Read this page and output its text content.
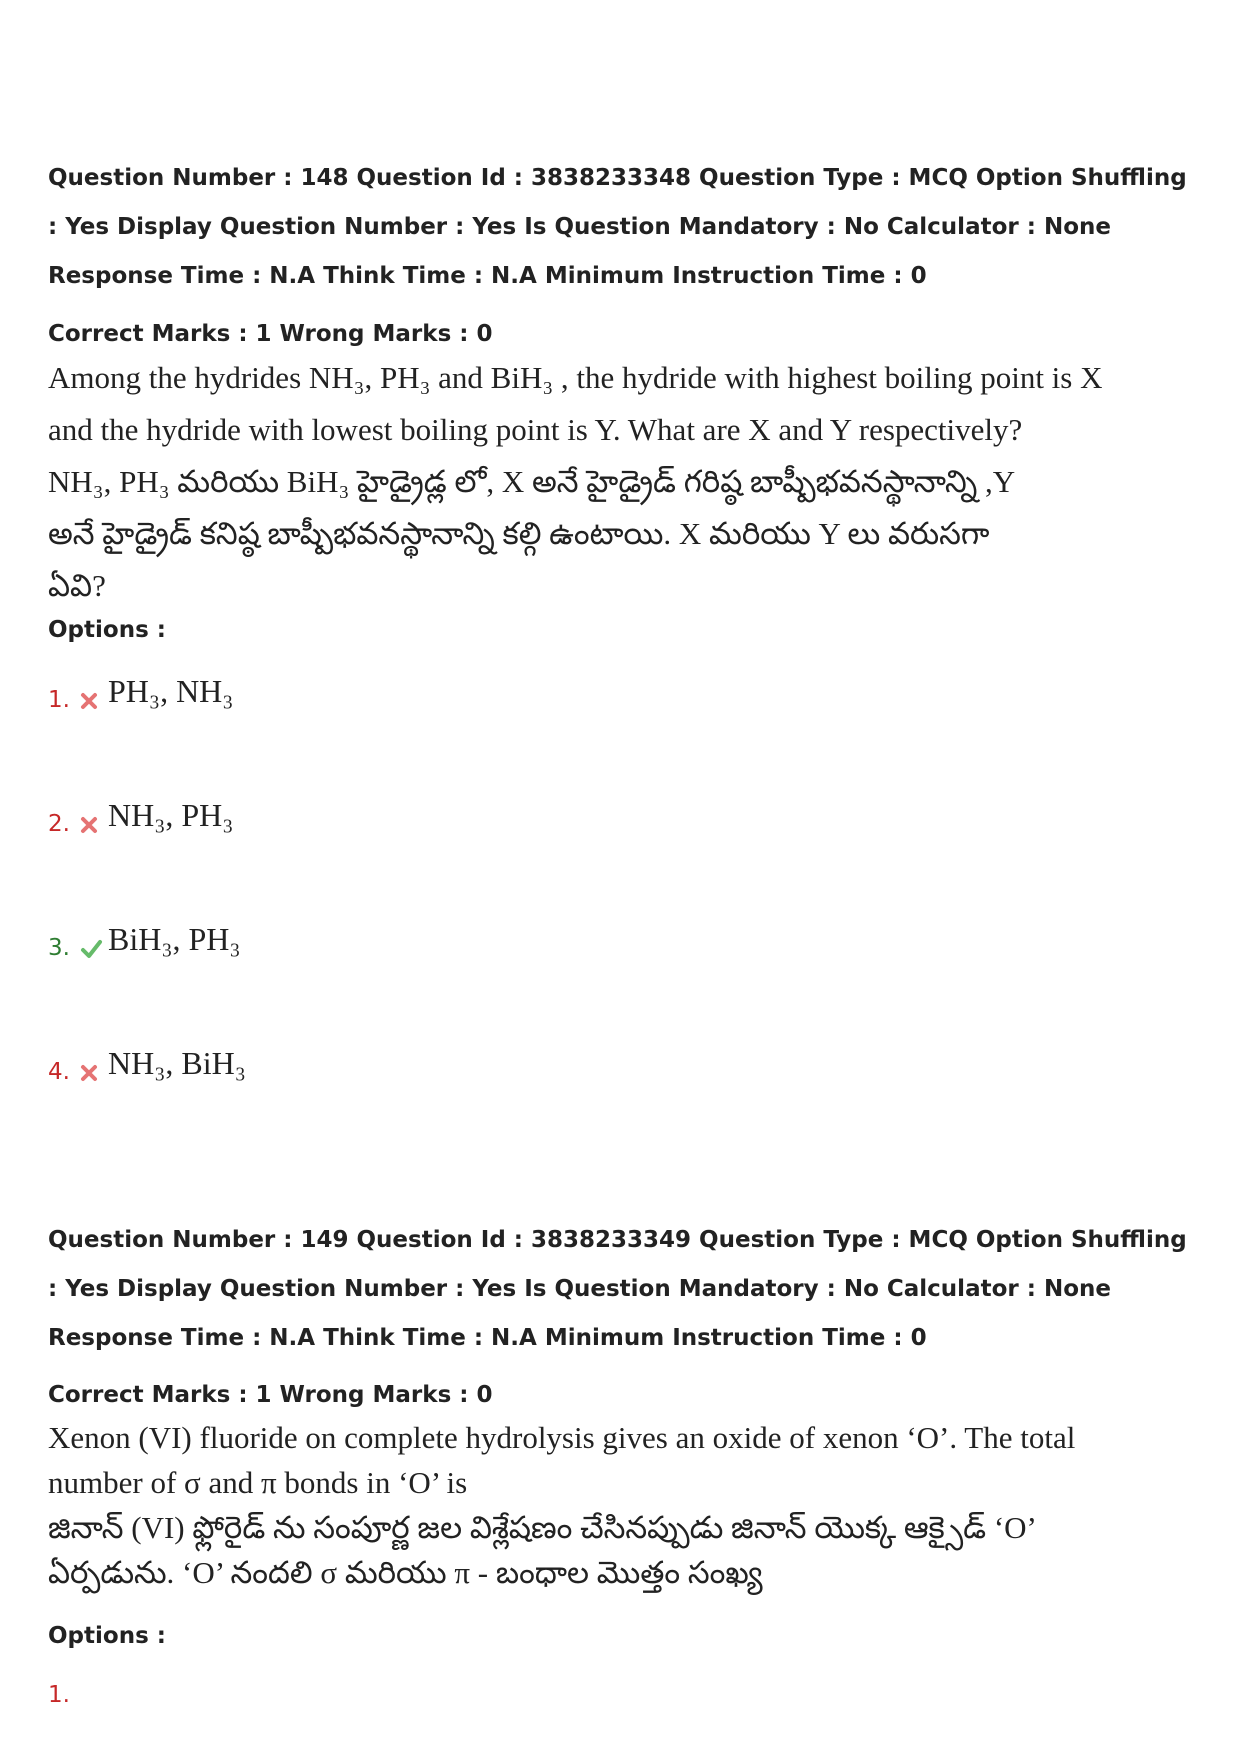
Question Number : 148 Question Id : 3838233348 Question Type : MCQ Option Shuffling : Yes Display Question Number : Yes Is Question Mandatory : No Calculator : None Response Time : N.A Think Time : N.A Minimum Instruction Time : 0

Correct Marks : 1 Wrong Marks : 0
Among the hydrides NH₃, PH₃ and BiH₃ , the hydride with highest boiling point is X
and the hydride with lowest boiling point is Y. What are X and Y respectively?
NH₃, PH₃ మరియు BiH₃ హైడ్రైడ్ల లో, X అనే హైడ్రైడ్ గరిష్ఠ బాష్పీభవనస్థానాన్ని ,Y
అనే హైడ్రైడ్ కనిష్ఠ బాష్పీభవనస్థానాన్ని కల్గి ఉంటాయి. X మరియు Y లు వరుసగా
ఏవి?
Options :
1. PH₃, NH₃
2. NH₃, PH₃
3. BiH₃, PH₃
4. NH₃, BiH₃

Question Number : 149 Question Id : 3838233349 Question Type : MCQ Option Shuffling : Yes Display Question Number : Yes Is Question Mandatory : No Calculator : None Response Time : N.A Think Time : N.A Minimum Instruction Time : 0

Correct Marks : 1 Wrong Marks : 0
Xenon (VI) fluoride on complete hydrolysis gives an oxide of xenon ‘O’. The total
number of σ and π bonds in ‘O’ is
జినాన్ (VI) ఫ్లోరైడ్ ను సంపూర్ణ జల విశ్లేషణం చేసినప్పుడు జినాన్ యొక్క ఆక్సైడ్ ‘O’
ఏర్పడును. ‘O’ నందలి σ మరియు π - బంధాల మొత్తం సంఖ్య
Options :
1.
